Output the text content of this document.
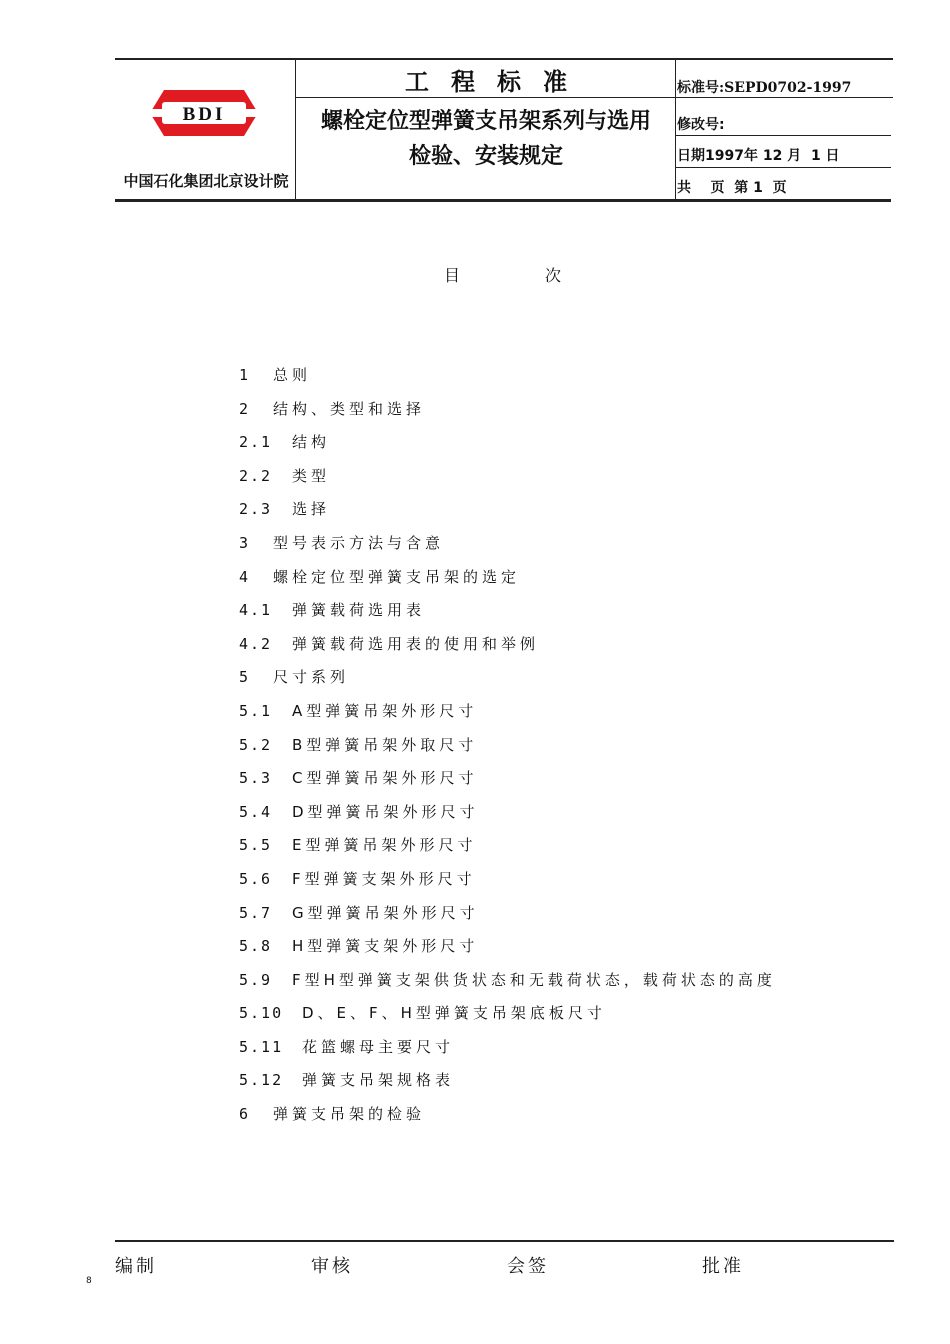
BDI
中国石化集团北京设计院
工程标准
螺栓定位型弹簧支吊架系列与选用
检验、安装规定
标准号:SEPD0702-1997
修改号:
日期1997年 12 月  1 日
共    页  第 1  页
目	次
1 总则
2 结构、类型和选择
2.1 结构
2.2 类型
2.3 选择
3 型号表示方法与含意
4 螺栓定位型弹簧支吊架的选定
4.1 弹簧载荷选用表
4.2 弹簧载荷选用表的使用和举例
5 尺寸系列
5.1 A型弹簧吊架外形尺寸
5.2 B型弹簧吊架外取尺寸
5.3 C型弹簧吊架外形尺寸
5.4 D型弹簧吊架外形尺寸
5.5 E型弹簧吊架外形尺寸
5.6 F型弹簧支架外形尺寸
5.7 G型弹簧吊架外形尺寸
5.8 H型弹簧支架外形尺寸
5.9 F型H型弹簧支架供货状态和无载荷状态，载荷状态的高度
5.10 D、E、F、H型弹簧支吊架底板尺寸
5.11 花篮螺母主要尺寸
5.12 弹簧支吊架规格表
6 弹簧支吊架的检验
编制	审核	会签	批准
8
